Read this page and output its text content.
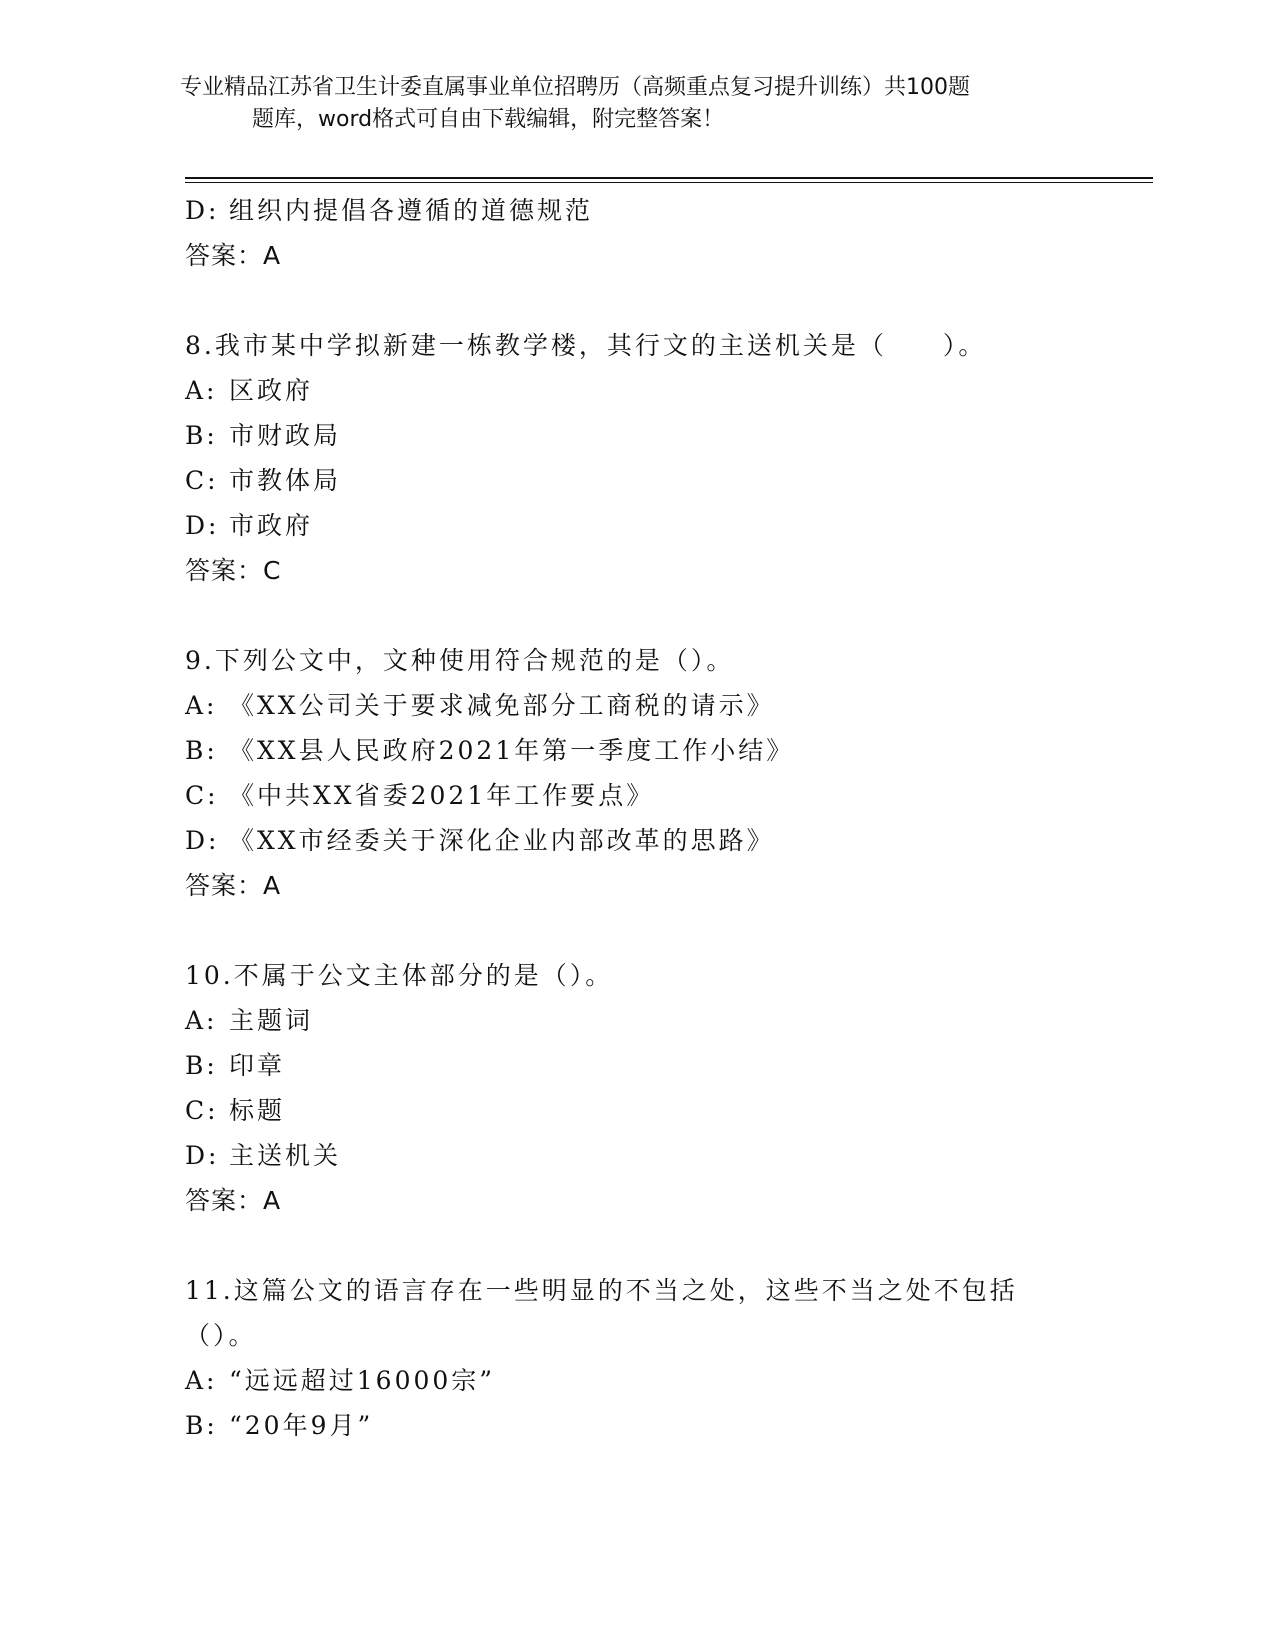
专业精品江苏省卫生计委直属事业单位招聘历（高频重点复习提升训练）共100题
题库，word格式可自由下载编辑，附完整答案！
D: 组织内提倡各遵循的道德规范
答案：A
8.我市某中学拟新建一栋教学楼，其行文的主送机关是（　　）。
A: 区政府
B: 市财政局
C: 市教体局
D: 市政府
答案：C
9.下列公文中，文种使用符合规范的是（）。
A: 《XX公司关于要求减免部分工商税的请示》
B: 《XX县人民政府2021年第一季度工作小结》
C: 《中共XX省委2021年工作要点》
D: 《XX市经委关于深化企业内部改革的思路》
答案：A
10.不属于公文主体部分的是（）。
A: 主题词
B: 印章
C: 标题
D: 主送机关
答案：A
11.这篇公文的语言存在一些明显的不当之处，这些不当之处不包括（）。
A: “远远超过16000宗”
B: “20年9月”
